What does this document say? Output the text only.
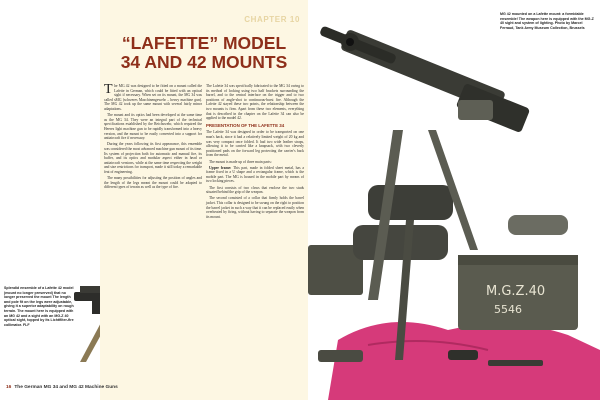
Splendid ensemble of a Lafette 42 model (mount no longer preserved) that no longer preserved the mount The length and pole fit on the legs were adjustable, giving it a superior adaptability on rough terrain. The mount here is equipped with an MG 42 and a sight with an MG-Z 40 optical sight, topped by its Lichtfilter-fire collimator. FLF
CHAPTER 10
“LAFETTE” MODEL
34 AND 42 MOUNTS

The MG 42 was designed to be fitted on a mount called die Lafette in German, which could be fitted with an optical sight if necessary. When set on its mount, the MG 34 was called sMG (schweres Maschinengewehr – heavy machine gun). The MG 42 took up the same mount with several fairly minor adaptations.

The mount and its optics had been developed at the same time as the MG 34. They were an integral part of the technical specifications established by the Reichswehr, which required the Heeres light machine gun to be rapidly transformed into a heavy version, and the mount to be easily converted into a support for antiaircraft fire if necessary.

During the years following its first appearance, this ensemble was considered the most advanced machine gun mount of its time. Its system of projection both for automatic and manual fire, its buffer, and its optics and modular aspect either in head or antiaircraft versions, while at the same time respecting the weight and size restrictions for transport, made it still today a remarkable feat of engineering.

The many possibilities for adjusting the position of angles and the length of the legs meant the mount could be adapted to different types of terrain as well as the type of fire.

The Lafette 34 was specifically fabricated to the MG 34 owing to its method of locking using two half brackets surrounding the barrel, and to the central interface on the trigger and to two positions of angle-shot to continuous-burst fire. Although the Lafette 42 stayed these two points, the relationship between the two mounts is firm. Apart from these two elements, everything that is described in the chapter on the Lafette 34 can also be applied to the model 42.

PRESENTATION OF THE LAFETTE 34

The Lafette 34 was designed in order to be transported on one man's back, since it had a relatively limited weight of 20 kg and was very compact once folded. It had two wide leather straps, allowing it to be carried like a knapsack, with two cleverly positioned pads on the forward leg protecting the carrier's back from the metal.

The mount is made up of three main parts:

Upper frame: This part, made in folded sheet metal, has a frame fixed in a U shape and a rectangular frame, which is the mobile part. The MG is housed in the mobile part by means of two locking pieces.

The first consists of two claws that enclose the two studs situated behind the grip of the weapon.

The second consisted of a collar that firmly holds the barrel jacket. This collar is designed to be swung on the right to position the barrel jacket in such a way that it can be replaced easily when overheated by firing, without having to separate the weapon from its mount.

M.G.Z.40
5546
MG 42 mounted on a Lafette mount: a formidable ensemble! The weapon here is equipped with the MG-Z 40 sight and system of lighting. Photo by Marcel Ferraud, Tank Army Museum Collection, Brussels
16 The German MG 34 and MG 42 Machine Guns
